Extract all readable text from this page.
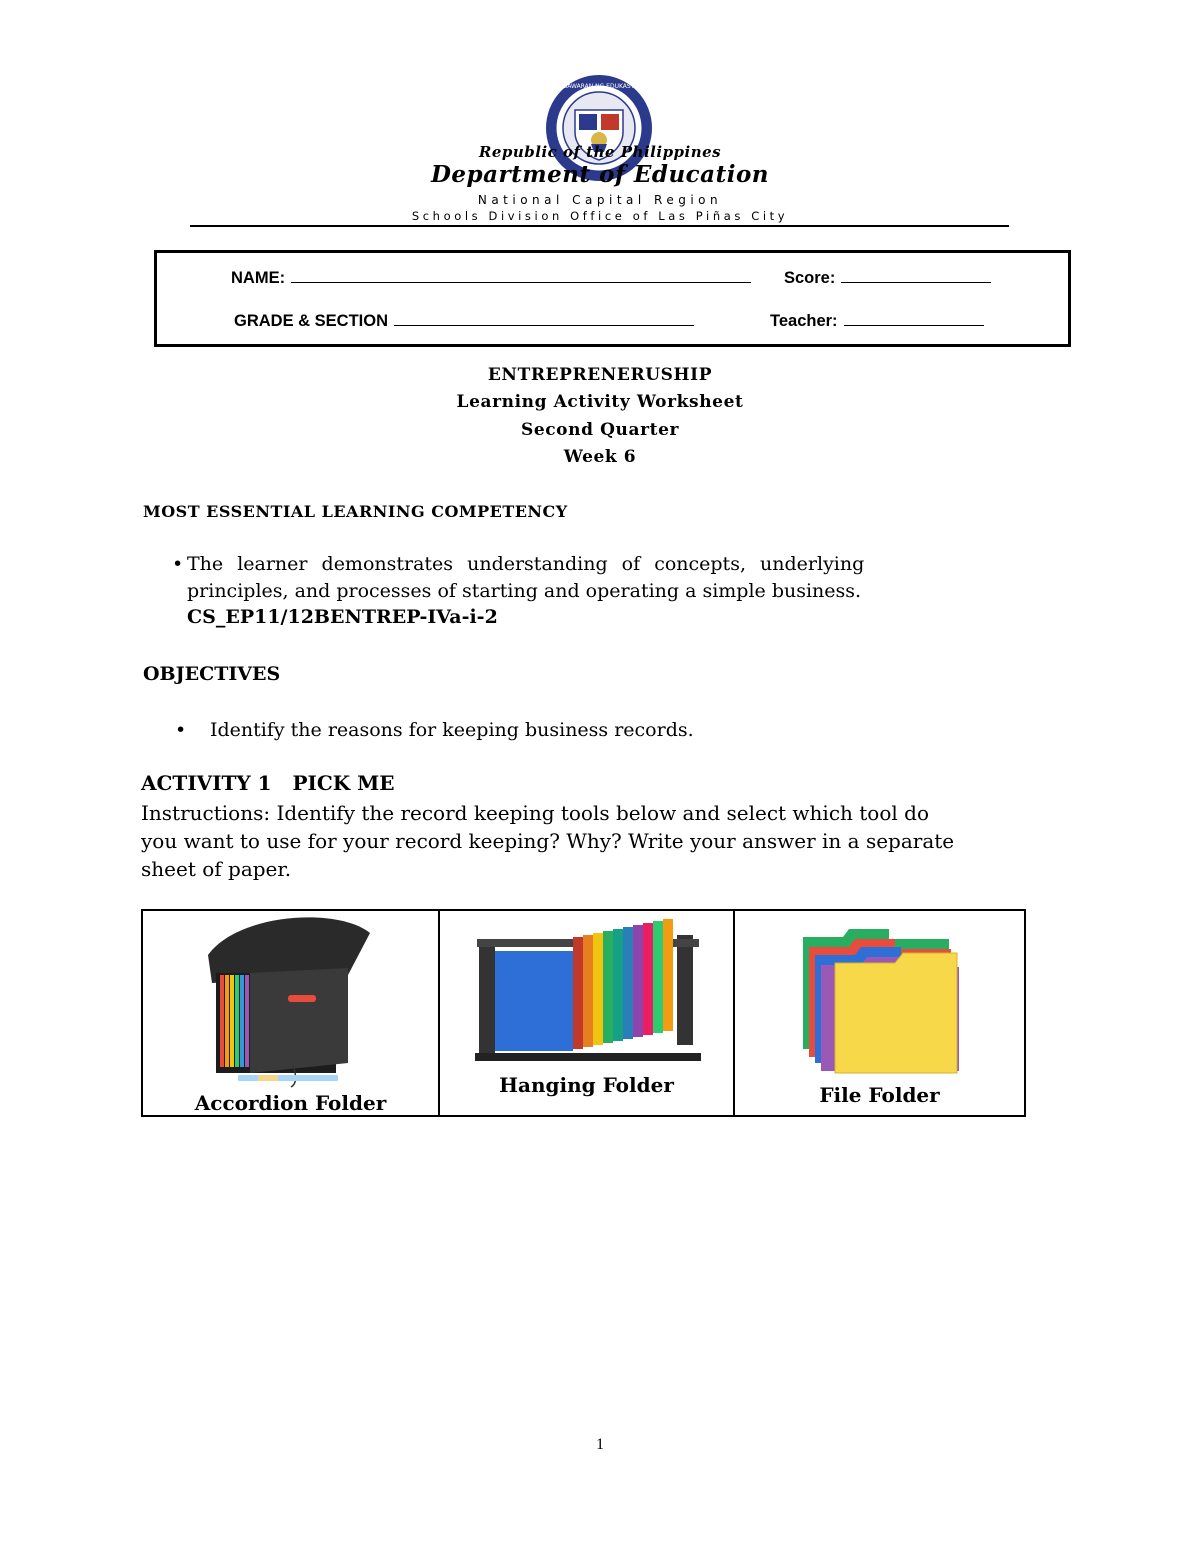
KAGAWARAN NG EDUKASYON
Republic of the Philippines
Department of Education
National Capital Region
Schools Division Office of Las Piñas City
NAME:	Score:
GRADE & SECTION	Teacher:
ENTREPRENERUSHIP
Learning Activity Worksheet
Second Quarter
Week 6
MOST ESSENTIAL LEARNING COMPETENCY
• The learner demonstrates understanding of concepts, underlying
principles, and processes of starting and operating a simple business.
CS_EP11/12BENTREP-IVa-i-2
OBJECTIVES
• Identify the reasons for keeping business records.
ACTIVITY 1   PICK ME
Instructions: Identify the record keeping tools below and select which tool do
you want to use for your record keeping? Why? Write your answer in a separate
sheet of paper.
Accordion Folder
Hanging Folder	File Folder
1
